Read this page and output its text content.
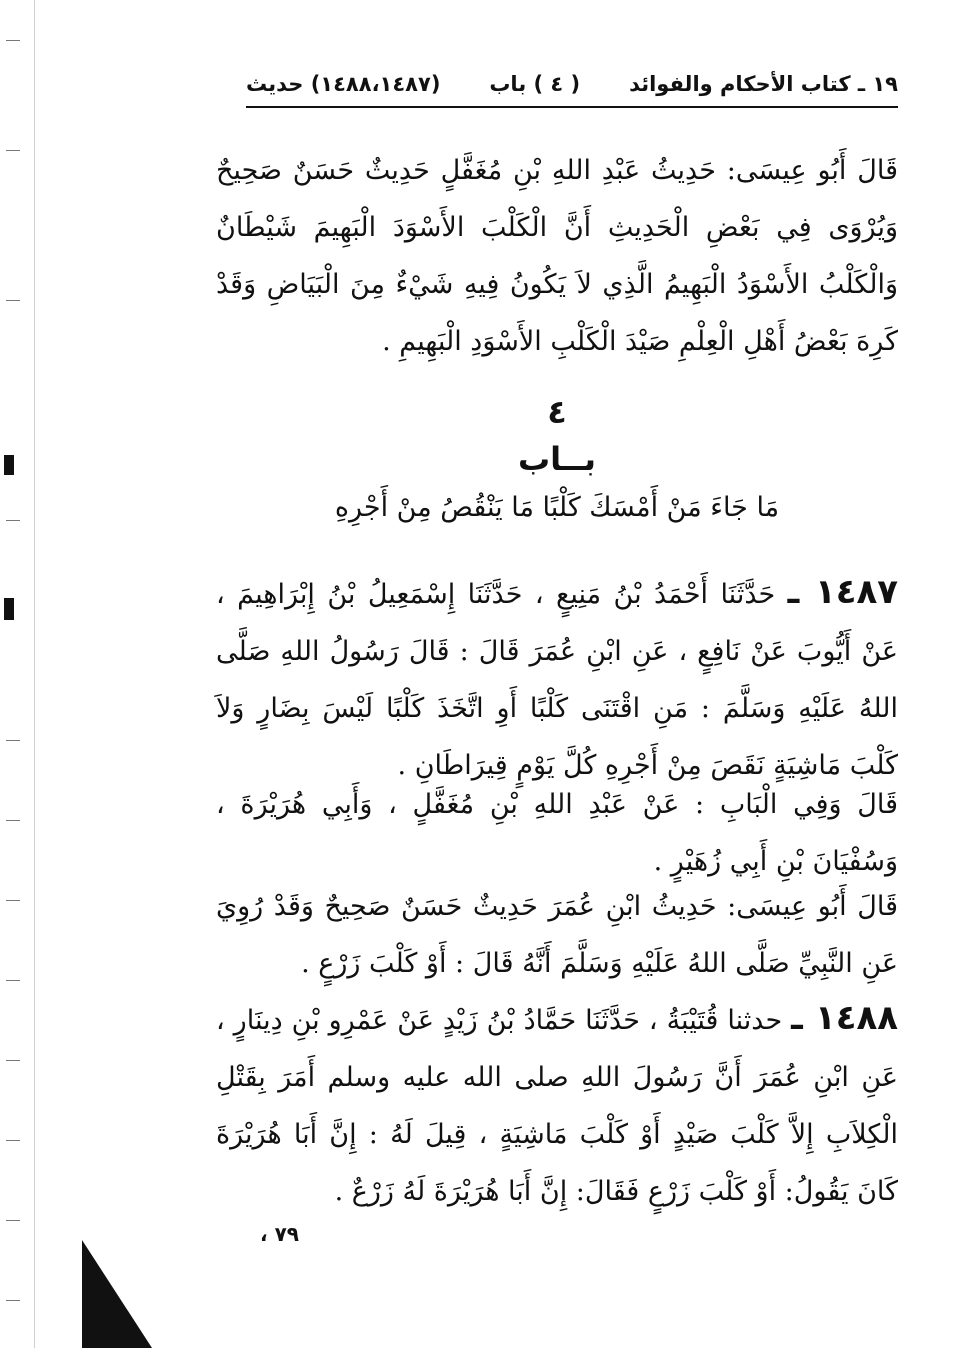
١٩ ـ كتاب الأحكام والفوائد
( ٤ ) باب
(١٤٨٨،١٤٨٧) حديث

قَالَ أَبُو عِيسَى: حَدِيثُ عَبْدِ اللهِ بْنِ مُغَفَّلٍ حَدِيثٌ حَسَنٌ صَحِيحٌ وَيُرْوَى فِي بَعْضِ الْحَدِيثِ أَنَّ الْكَلْبَ الأَسْوَدَ الْبَهِيمَ شَيْطَانٌ وَالْكَلْبُ الأَسْوَدُ الْبَهِيمُ الَّذِي لاَ يَكُونُ فِيهِ شَيْءٌ مِنَ الْبَيَاضِ وَقَدْ كَرِهَ بَعْضُ أَهْلِ الْعِلْمِ صَيْدَ الْكَلْبِ الأَسْوَدِ الْبَهِيمِ .

٤

بــاب

مَا جَاءَ مَنْ أَمْسَكَ كَلْبًا مَا يَنْقُصُ مِنْ أَجْرِهِ

١٤٨٧ ـ حَدَّثَنَا أَحْمَدُ بْنُ مَنِيعٍ ، حَدَّثَنَا إِسْمَعِيلُ بْنُ إِبْرَاهِيمَ ، عَنْ أَيُّوبَ عَنْ نَافِعٍ ، عَنِ ابْنِ عُمَرَ قَالَ : قَالَ رَسُولُ اللهِ صَلَّى اللهُ عَلَيْهِ وَسَلَّمَ : مَنِ اقْتَنَى كَلْبًا أَوِ اتَّخَذَ كَلْبًا لَيْسَ بِضَارٍ وَلاَ كَلْبَ مَاشِيَةٍ نَقَصَ مِنْ أَجْرِهِ كُلَّ يَوْمٍ قِيرَاطَانِ .

قَالَ وَفِي الْبَابِ : عَنْ عَبْدِ اللهِ بْنِ مُغَفَّلٍ ، وَأَبِي هُرَيْرَةَ ، وَسُفْيَانَ بْنِ أَبِي زُهَيْرٍ .

قَالَ أَبُو عِيسَى: حَدِيثُ ابْنِ عُمَرَ حَدِيثٌ حَسَنٌ صَحِيحٌ وَقَدْ رُوِيَ عَنِ النَّبِيِّ صَلَّى اللهُ عَلَيْهِ وَسَلَّمَ أَنَّهُ قَالَ : أَوْ كَلْبَ زَرْعٍ .

١٤٨٨ ـ حدثنا قُتَيْبَةُ ، حَدَّثَنَا حَمَّادُ بْنُ زَيْدٍ عَنْ عَمْرِو بْنِ دِينَارٍ ، عَنِ ابْنِ عُمَرَ أَنَّ رَسُولَ اللهِ صلى الله عليه وسلم أَمَرَ بِقَتْلِ الْكِلاَبِ إِلاَّ كَلْبَ صَيْدٍ أَوْ كَلْبَ مَاشِيَةٍ ، قِيلَ لَهُ : إِنَّ أَبَا هُرَيْرَةَ كَانَ يَقُولُ: أَوْ كَلْبَ زَرْعٍ فَقَالَ: إِنَّ أَبَا هُرَيْرَةَ لَهُ زَرْعٌ .

٧٩ ،
